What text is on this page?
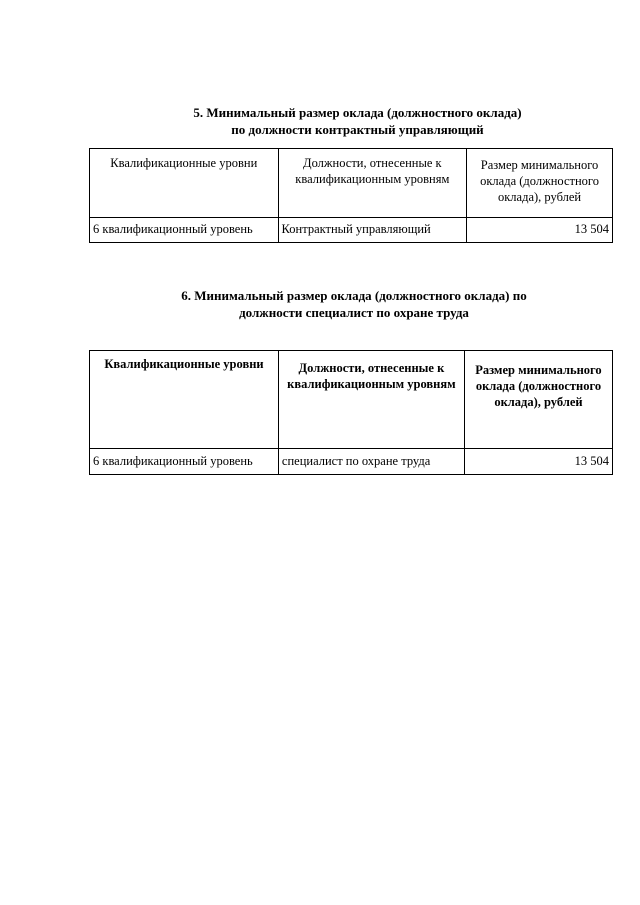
5. Минимальный размер оклада (должностного оклада)
по должности контрактный управляющий
Квалификационные уровни	Должности, отнесенные к квалификационным уровням	Размер минимального оклада (должностного оклада), рублей
6 квалификационный уровень	Контрактный управляющий	13 504
6. Минимальный размер оклада (должностного оклада) по
должности специалист по охране труда
Квалификационные уровни	Должности, отнесенные к квалификационным уровням	Размер минимального оклада (должностного оклада), рублей
6 квалификационный уровень	специалист по охране труда	13 504
